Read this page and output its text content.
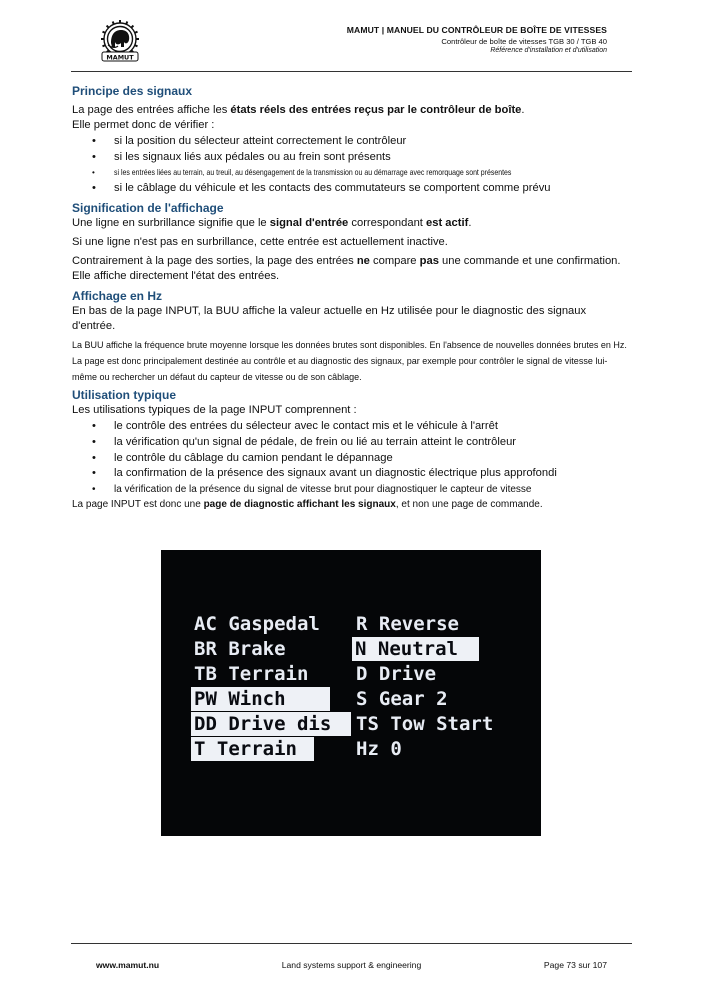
MAMUT
MAMUT | MANUEL DU CONTRÔLEUR DE BOÎTE DE VITESSES
Contrôleur de boîte de vitesses TGB 30 / TGB 40
Référence d'installation et d'utilisation

Principe des signaux

La page des entrées affiche les états réels des entrées reçus par le contrôleur de boîte.

Elle permet donc de vérifier :

• si la position du sélecteur atteint correctement le contrôleur
• si les signaux liés aux pédales ou au frein sont présents
• si les entrées liées au terrain, au treuil, au désengagement de la transmission ou au démarrage avec remorquage sont présentes
• si le câblage du véhicule et les contacts des commutateurs se comportent comme prévu

Signification de l'affichage

Une ligne en surbrillance signifie que le signal d'entrée correspondant est actif.

Si une ligne n'est pas en surbrillance, cette entrée est actuellement inactive.

Contrairement à la page des sorties, la page des entrées ne compare pas une commande et une confirmation. Elle affiche directement l'état des entrées.

Affichage en Hz

En bas de la page INPUT, la BUU affiche la valeur actuelle en Hz utilisée pour le diagnostic des signaux d'entrée.

La BUU affiche la fréquence brute moyenne lorsque les données brutes sont disponibles. En l'absence de nouvelles données brutes en Hz. La page est donc principalement destinée au contrôle et au diagnostic des signaux, par exemple pour contrôler le signal de vitesse lui-même ou rechercher un défaut du capteur de vitesse ou de son câblage.

Utilisation typique

Les utilisations typiques de la page INPUT comprennent :

• le contrôle des entrées du sélecteur avec le contact mis et le véhicule à l'arrêt
• la vérification qu'un signal de pédale, de frein ou lié au terrain atteint le contrôleur
• le contrôle du câblage du camion pendant le dépannage
• la confirmation de la présence des signaux avant un diagnostic électrique plus approfondi
• la vérification de la présence du signal de vitesse brut pour diagnostiquer le capteur de vitesse

La page INPUT est donc une page de diagnostic affichant les signaux, et non une page de commande.

AC Gaspedal
BR Brake
TB Terrain
PW Winch
DD Drive dis
T Terrain
R Reverse
N Neutral
D Drive
S Gear 2
TS Tow Start
Hz 0
www.mamut.nu	Land systems support & engineering	Page 73 sur 107
